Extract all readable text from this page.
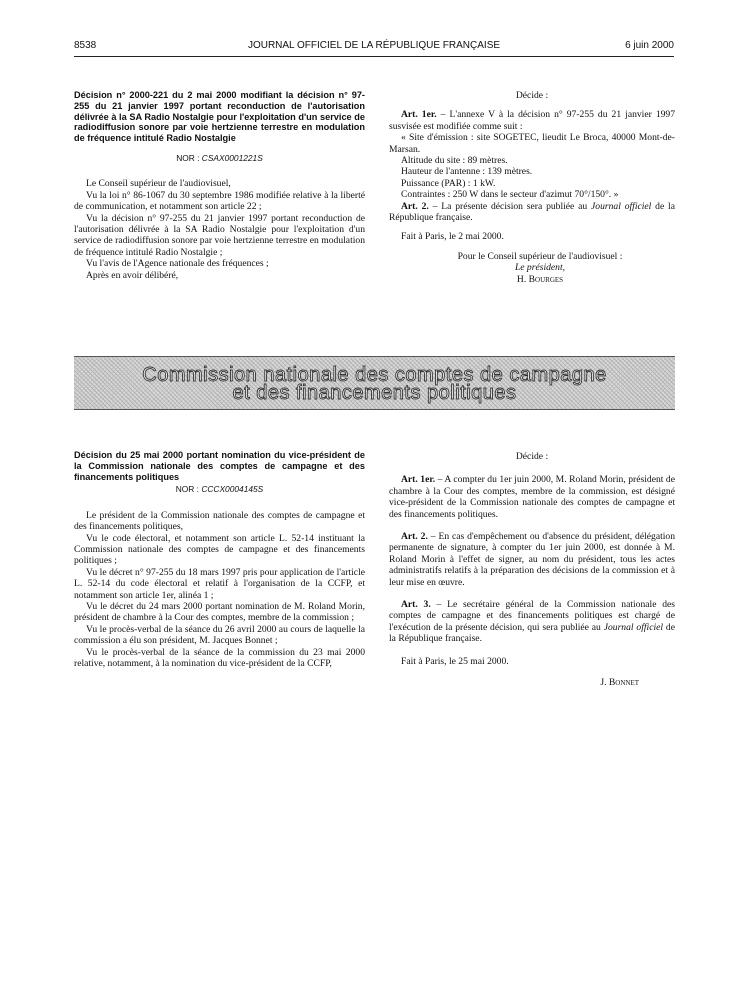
8538	JOURNAL OFFICIEL DE LA RÉPUBLIQUE FRANÇAISE	6 juin 2000
Décision n° 2000-221 du 2 mai 2000 modifiant la décision n° 97-255 du 21 janvier 1997 portant reconduction de l'autorisation délivrée à la SA Radio Nostalgie pour l'exploitation d'un service de radiodiffusion sonore par voie hertzienne terrestre en modulation de fréquence intitulé Radio Nostalgie
NOR : CSAX0001221S

Le Conseil supérieur de l'audiovisuel,

Vu la loi n° 86-1067 du 30 septembre 1986 modifiée relative à la liberté de communication, et notamment son article 22 ;

Vu la décision n° 97-255 du 21 janvier 1997 portant reconduction de l'autorisation délivrée à la SA Radio Nostalgie pour l'exploitation d'un service de radiodiffusion sonore par voie hertzienne terrestre en modulation de fréquence intitulé Radio Nostalgie ;

Vu l'avis de l'Agence nationale des fréquences ;

Après en avoir délibéré,

Décide :

Art. 1er. – L'annexe V à la décision n° 97-255 du 21 janvier 1997 susvisée est modifiée comme suit :

« Site d'émission : site SOGETEC, lieudit Le Broca, 40000 Mont-de-Marsan.

Altitude du site : 89 mètres.

Hauteur de l'antenne : 139 mètres.

Puissance (PAR) : 1 kW.

Contraintes : 250 W dans le secteur d'azimut 70°/150°. »

Art. 2. – La présente décision sera publiée au Journal officiel de la République française.

Fait à Paris, le 2 mai 2000.

Pour le Conseil supérieur de l'audiovisuel :
Le président,
H. Bourges
Commission nationale des comptes de campagne
et des financements politiques
Décision du 25 mai 2000 portant nomination du vice-président de la Commission nationale des comptes de campagne et des financements politiques
NOR : CCCX0004145S

Le président de la Commission nationale des comptes de campagne et des financements politiques,

Vu le code électoral, et notamment son article L. 52-14 instituant la Commission nationale des comptes de campagne et des financements politiques ;

Vu le décret n° 97-255 du 18 mars 1997 pris pour application de l'article L. 52-14 du code électoral et relatif à l'organisation de la CCFP, et notamment son article 1er, alinéa 1 ;

Vu le décret du 24 mars 2000 portant nomination de M. Roland Morin, président de chambre à la Cour des comptes, membre de la commission ;

Vu le procès-verbal de la séance du 26 avril 2000 au cours de laquelle la commission a élu son président, M. Jacques Bonnet ;

Vu le procès-verbal de la séance de la commission du 23 mai 2000 relative, notamment, à la nomination du vice-président de la CCFP,

Décide :

Art. 1er. – A compter du 1er juin 2000, M. Roland Morin, président de chambre à la Cour des comptes, membre de la commission, est désigné vice-président de la Commission nationale des comptes de campagne et des financements politiques.

Art. 2. – En cas d'empêchement ou d'absence du président, délégation permanente de signature, à compter du 1er juin 2000, est donnée à M. Roland Morin à l'effet de signer, au nom du président, tous les actes administratifs relatifs à la préparation des décisions de la commission et à leur mise en œuvre.

Art. 3. – Le secrétaire général de la Commission nationale des comptes de campagne et des financements politiques est chargé de l'exécution de la présente décision, qui sera publiée au Journal officiel de la République française.

Fait à Paris, le 25 mai 2000.

J. Bonnet
